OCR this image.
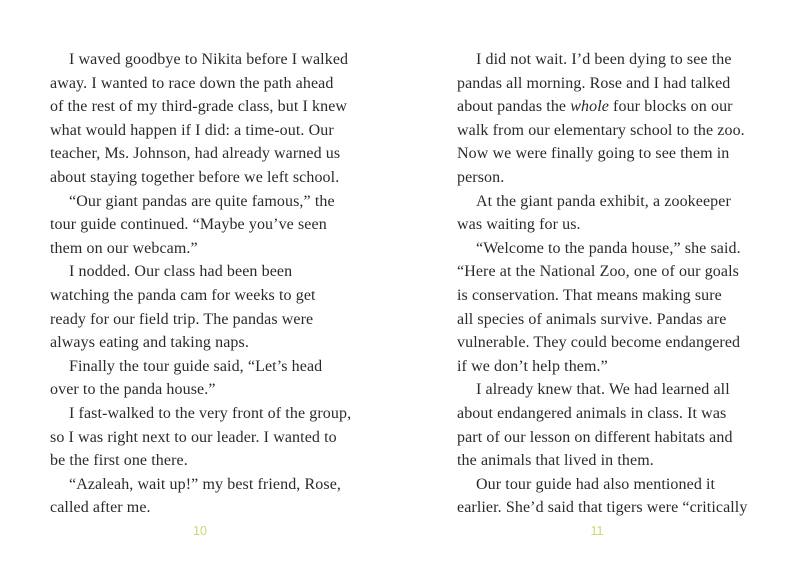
I waved goodbye to Nikita before I walked
away. I wanted to race down the path ahead
of the rest of my third-grade class, but I knew
what would happen if I did: a time-out. Our
teacher, Ms. Johnson, had already warned us
about staying together before we left school.
“Our giant pandas are quite famous,” the
tour guide continued. “Maybe you’ve seen
them on our webcam.”
I nodded. Our class had been been
watching the panda cam for weeks to get
ready for our field trip. The pandas were
always eating and taking naps.
Finally the tour guide said, “Let’s head
over to the panda house.”
I fast-walked to the very front of the group,
so I was right next to our leader. I wanted to
be the first one there.
“Azaleah, wait up!” my best friend, Rose,
called after me.
I did not wait. I’d been dying to see the
pandas all morning. Rose and I had talked
about pandas the whole four blocks on our
walk from our elementary school to the zoo.
Now we were finally going to see them in
person.
At the giant panda exhibit, a zookeeper
was waiting for us.
“Welcome to the panda house,” she said.
“Here at the National Zoo, one of our goals
is conservation. That means making sure
all species of animals survive. Pandas are
vulnerable. They could become endangered
if we don’t help them.”
I already knew that. We had learned all
about endangered animals in class. It was
part of our lesson on different habitats and
the animals that lived in them.
Our tour guide had also mentioned it
earlier. She’d said that tigers were “critically
10	11
